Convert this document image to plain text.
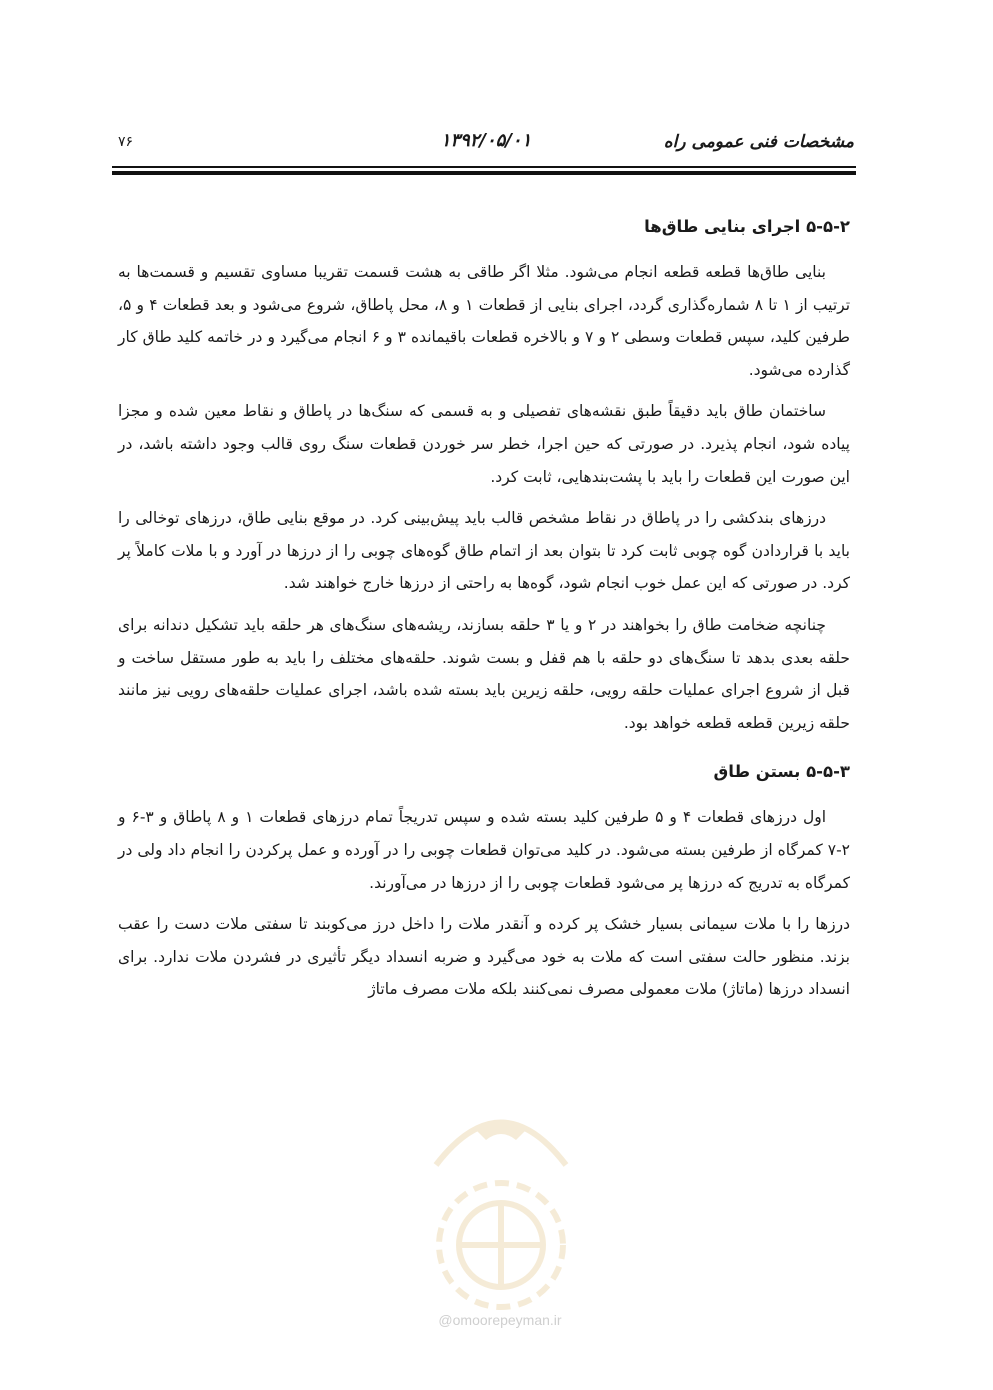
مشخصات فنی عمومی راه
۱۳۹۲/۰۵/۰۱
۷۶
۵-۵-۲ اجرای بنایی طاق‌ها

بنایی طاق‌ها قطعه قطعه انجام می‌شود. مثلا اگر طاقی به هشت قسمت تقریبا مساوی تقسیم و قسمت‌ها به ترتیب از ۱ تا ۸ شماره‌گذاری گردد، اجرای بنایی از قطعات ۱ و ۸، محل پاطاق، شروع می‌شود و بعد قطعات ۴ و ۵، طرفین کلید، سپس قطعات وسطی ۲ و ۷ و بالاخره قطعات باقیمانده ۳ و ۶ انجام می‌گیرد و در خاتمه کلید طاق کار گذارده می‌شود.

ساختمان طاق باید دقیقاً طبق نقشه‌های تفصیلی و به قسمی که سنگ‌ها در پاطاق و نقاط معین شده و مجزا پیاده شود، انجام پذیرد. در صورتی که حین اجرا، خطر سر خوردن قطعات سنگ روی قالب وجود داشته باشد، در این صورت این قطعات را باید با پشت‌بندهایی، ثابت کرد.

درزهای بندکشی را در پاطاق در نقاط مشخص قالب باید پیش‌بینی کرد. در موقع بنایی طاق، درزهای توخالی را باید با قراردادن گوه چوبی ثابت کرد تا بتوان بعد از اتمام طاق گوه‌های چوبی را از درزها در آورد و با ملات کاملاً پر کرد. در صورتی که این عمل خوب انجام شود، گوه‌ها به راحتی از درزها خارج خواهند شد.

چنانچه ضخامت طاق را بخواهند در ۲ و یا ۳ حلقه بسازند، ریشه‌های سنگ‌های هر حلقه باید تشکیل دندانه برای حلقه بعدی بدهد تا سنگ‌های دو حلقه با هم قفل و بست شوند. حلقه‌های مختلف را باید به طور مستقل ساخت و قبل از شروع اجرای عملیات حلقه رویی، حلقه زیرین باید بسته شده باشد، اجرای عملیات حلقه‌های رویی نیز مانند حلقه زیرین قطعه قطعه خواهد بود.

۵-۵-۳ بستن طاق

اول درزهای قطعات ۴ و ۵ طرفین کلید بسته شده و سپس تدریجاً تمام درزهای قطعات ۱ و ۸ پاطاق و ۳-۶ و ۲-۷ کمرگاه از طرفین بسته می‌شود. در کلید می‌توان قطعات چوبی را در آورده و عمل پرکردن را انجام داد ولی در کمرگاه به تدریج که درزها پر می‌شود قطعات چوبی را از درزها در می‌آورند.

درزها را با ملات سیمانی بسیار خشک پر کرده و آنقدر ملات را داخل درز می‌کوبند تا سفتی ملات دست را عقب بزند. منظور حالت سفتی است که ملات به خود می‌گیرد و ضربه انسداد دیگر تأثیری در فشردن ملات ندارد. برای انسداد درزها (ماتاژ) ملات معمولی مصرف نمی‌کنند بلکه ملات مصرف ماتاژ

@omoorepeyman.ir
